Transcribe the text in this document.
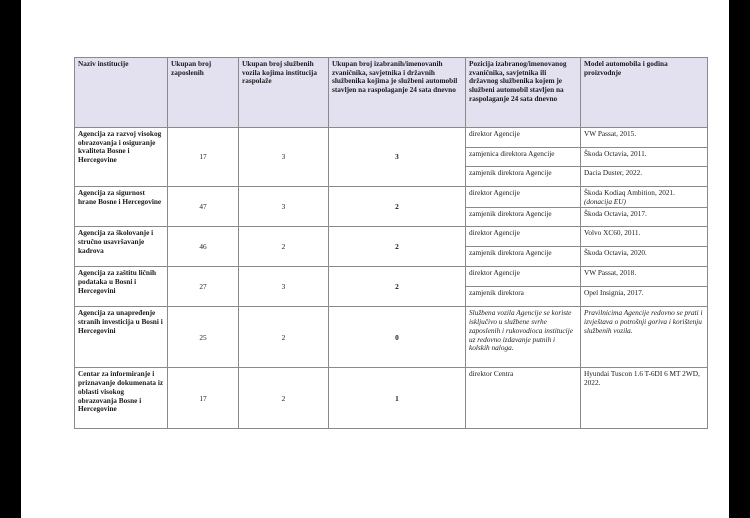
Naziv institucije	Ukupan broj zaposlenih	Ukupan broj službenih vozila kojima institucija raspolaže	Ukupan broj izabranih/imenovanih zvaničnika, savjetnika i državnih službenika kojima je službeni automobil stavljen na raspolaganje 24 sata dnevno	Pozicija izabranog/imenovanog zvaničnika, savjetnika ili državnog službenika kojem je službeni automobil stavljen na raspolaganje 24 sata dnevno	Model automobila i godina proizvodnje
Agencija za razvoj visokog obrazovanja i osiguranje kvaliteta Bosne i Hercegovine	17	3	3	direktor Agencije	VW Passat, 2015.
				zamjenica direktora Agencije	Škoda Octavia, 2011.
				zamjenik direktora Agencije	Dacia Duster, 2022.
Agencija za sigurnost hrane Bosne i Hercegovine	47	3	2	direktor Agencije	Škoda Kodiaq Ambition, 2021. (donacija EU)
				zamjenik direktora Agencije	Škoda Octavia, 2017.
Agencija za školovanje i stručno usavršavanje kadrova	46	2	2	direktor Agencije	Volvo XC60, 2011.
				zamjenik direktora Agencije	Škoda Octavia, 2020.
Agencija za zaštitu ličnih podataka u Bosni i Hercegovini	27	3	2	direktor Agencije	VW Passat, 2018.
				zamjenik direktora	Opel Insignia, 2017.
Agencija za unapređenje stranih investicija u Bosni i Hercegovini	25	2	0	Službena vozila Agencije se koriste isključivo u službene svrhe zaposlenih i rukovodioca institucije uz redovno izdavanje putnih i kolskih naloga.	Pravilnicima Agencije redovno se prati i izvještava o potrošnji goriva i korištenju službenih vozila.
Centar za informiranje i priznavanje dokumenata iz oblasti visokog obrazovanja Bosne i Hercegovine	17	2	1	direktor Centra	Hyundai Tuscon 1.6 T-6DI 6 MT 2WD, 2022.
